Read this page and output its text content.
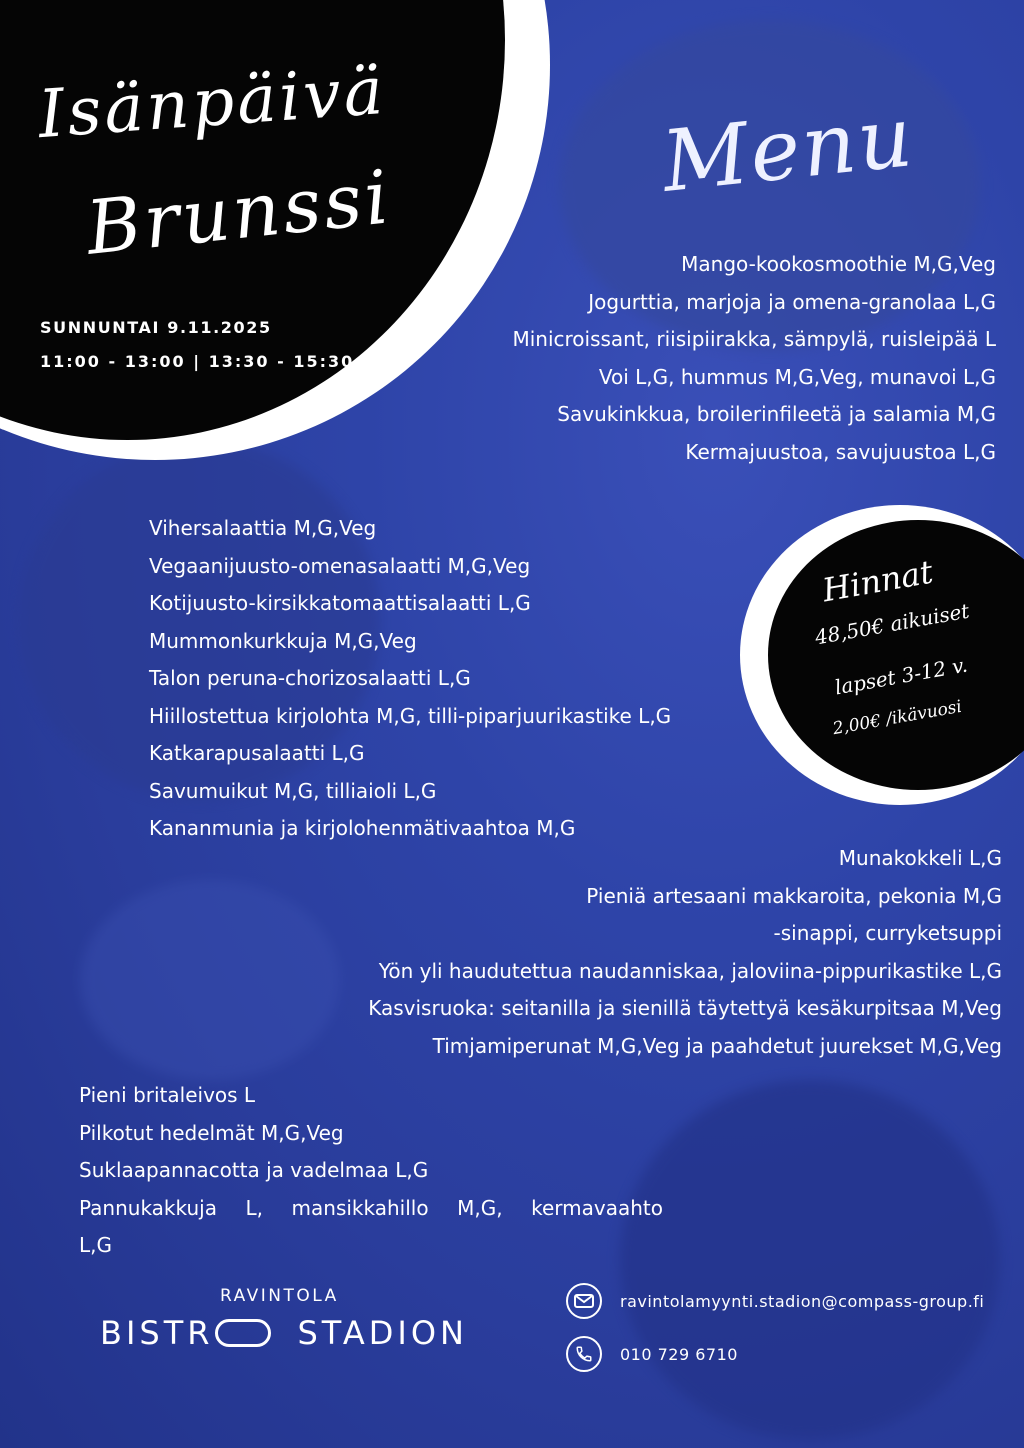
Isänpäivä
Brunssi
SUNNUNTAI 9.11.2025
11:00 - 13:00 | 13:30 - 15:30
Menu
Mango-kookosmoothie M,G,Veg
Jogurttia, marjoja ja omena-granolaa L,G
Minicroissant, riisipiirakka, sämpylä, ruisleipää L
Voi L,G, hummus M,G,Veg, munavoi L,G
Savukinkkua, broilerinfileetä ja salamia M,G
Kermajuustoa, savujuustoa L,G
Vihersalaattia M,G,Veg
Vegaanijuusto-omenasalaatti M,G,Veg
Kotijuusto-kirsikkatomaattisalaatti L,G
Mummonkurkkuja M,G,Veg
Talon peruna-chorizosalaatti L,G
Hiillostettua kirjolohta M,G, tilli-piparjuurikastike L,G
Katkarapusalaatti L,G
Savumuikut M,G, tilliaioli L,G
Kananmunia ja kirjolohenmätivaahtoa M,G
Hinnat
48,50€ aikuiset
lapset 3-12 v.
2,00€ /ikävuosi
Munakokkeli L,G
Pieniä artesaani makkaroita, pekonia M,G
-sinappi, curryketsuppi
Yön yli haudutettua naudanniskaa, jaloviina-pippurikastike L,G
Kasvisruoka: seitanilla ja sienillä täytettyä kesäkurpitsaa M,Veg
Timjamiperunat M,G,Veg ja paahdetut juurekset M,G,Veg
Pieni britaleivos L
Pilkotut hedelmät M,G,Veg
Suklaapannacotta ja vadelmaa L,G
Pannukakkuja L, mansikkahillo M,G, kermavaahto
L,G
RAVINTOLA
BISTR	STADION
ravintolamyynti.stadion@compass-group.fi
010 729 6710
